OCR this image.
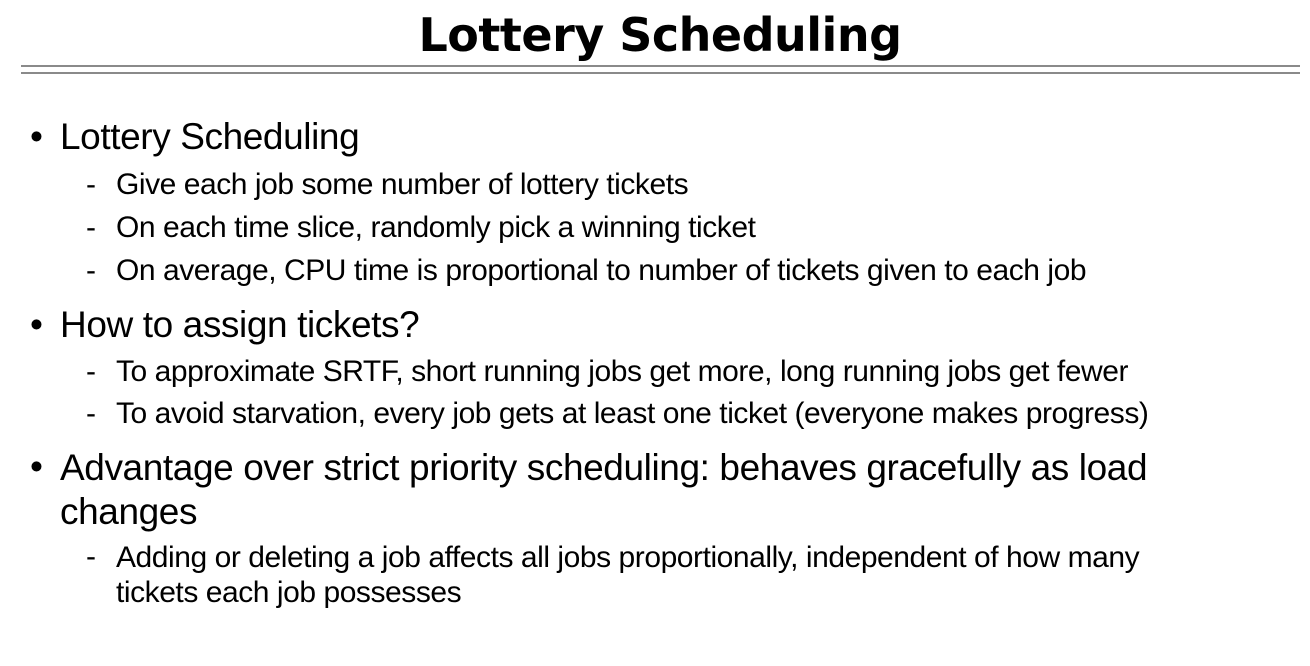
Lottery Scheduling
• Lottery Scheduling
- Give each job some number of lottery tickets
- On each time slice, randomly pick a winning ticket
- On average, CPU time is proportional to number of tickets given to each job
• How to assign tickets?
- To approximate SRTF, short running jobs get more, long running jobs get fewer
- To avoid starvation, every job gets at least one ticket (everyone makes progress)
• Advantage over strict priority scheduling: behaves gracefully as load changes
- Adding or deleting a job affects all jobs proportionally, independent of how many tickets each job possesses
